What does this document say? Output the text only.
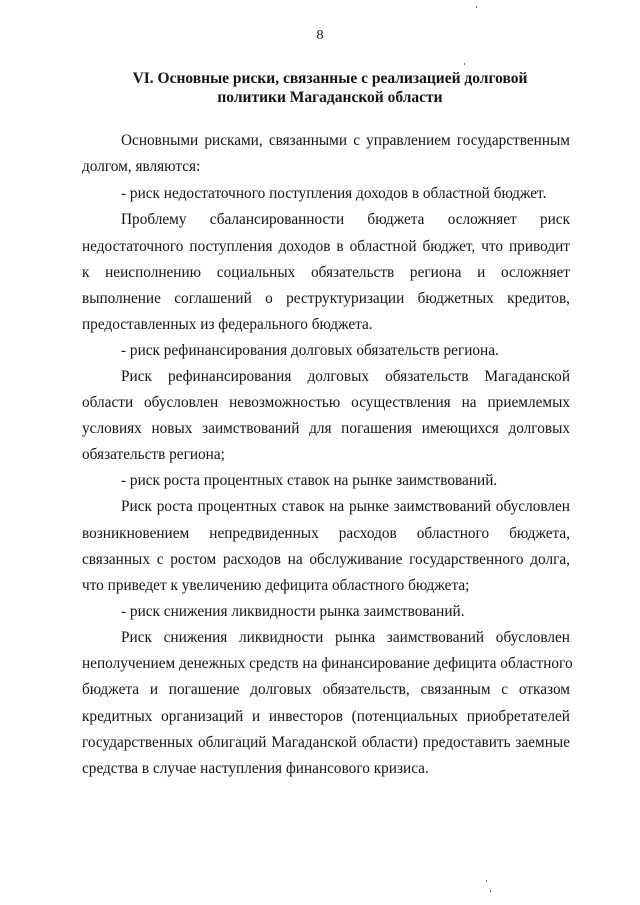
8
VI. Основные риски, связанные с реализацией долговой
политики Магаданской области
Основными рисками, связанными с управлением государственным
долгом, являются:
- риск недостаточного поступления доходов в областной бюджет.
Проблему сбалансированности бюджета осложняет риск
недостаточного поступления доходов в областной бюджет, что приводит
к неисполнению социальных обязательств региона и осложняет
выполнение соглашений о реструктуризации бюджетных кредитов,
предоставленных из федерального бюджета.
- риск рефинансирования долговых обязательств региона.
Риск рефинансирования долговых обязательств Магаданской
области обусловлен невозможностью осуществления на приемлемых
условиях новых заимствований для погашения имеющихся долговых
обязательств региона;
- риск роста процентных ставок на рынке заимствований.
Риск роста процентных ставок на рынке заимствований обусловлен
возникновением непредвиденных расходов областного бюджета,
связанных с ростом расходов на обслуживание государственного долга,
что приведет к увеличению дефицита областного бюджета;
- риск снижения ликвидности рынка заимствований.
Риск снижения ликвидности рынка заимствований обусловлен
неполучением денежных средств на финансирование дефицита областного
бюджета и погашение долговых обязательств, связанным с отказом
кредитных организаций и инвесторов (потенциальных приобретателей
государственных облигаций Магаданской области) предоставить заемные
средства в случае наступления финансового кризиса.
